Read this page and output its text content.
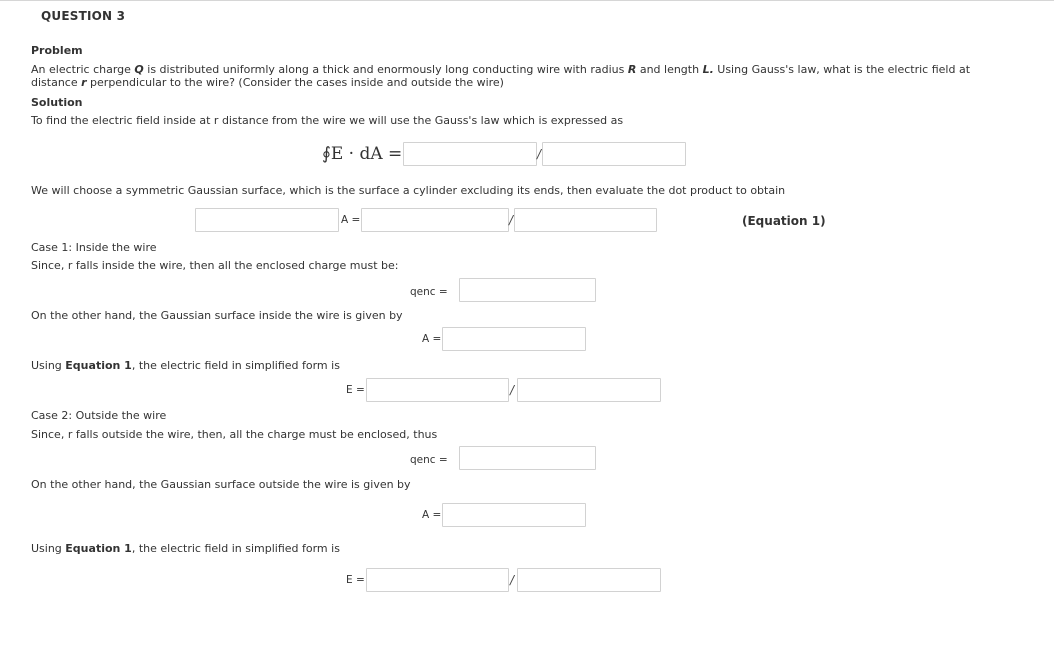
QUESTION 3
Problem
An electric charge Q is distributed uniformly along a thick and enormously long conducting wire with radius R and length L. Using Gauss's law, what is the electric field at
distance r perpendicular to the wire? (Consider the cases inside and outside the wire)
Solution
To find the electric field inside at r distance from the wire we will use the Gauss's law which is expressed as
∮E · dA =	/
We will choose a symmetric Gaussian surface, which is the surface a cylinder excluding its ends, then evaluate the dot product to obtain
A =	/	(Equation 1)
Case 1: Inside the wire
Since, r falls inside the wire, then all the enclosed charge must be:
qenc =
On the other hand, the Gaussian surface inside the wire is given by
A =
Using Equation 1, the electric field in simplified form is
E =	/
Case 2: Outside the wire
Since, r falls outside the wire, then, all the charge must be enclosed, thus
qenc =
On the other hand, the Gaussian surface outside the wire is given by
A =
Using Equation 1, the electric field in simplified form is
E =	/
